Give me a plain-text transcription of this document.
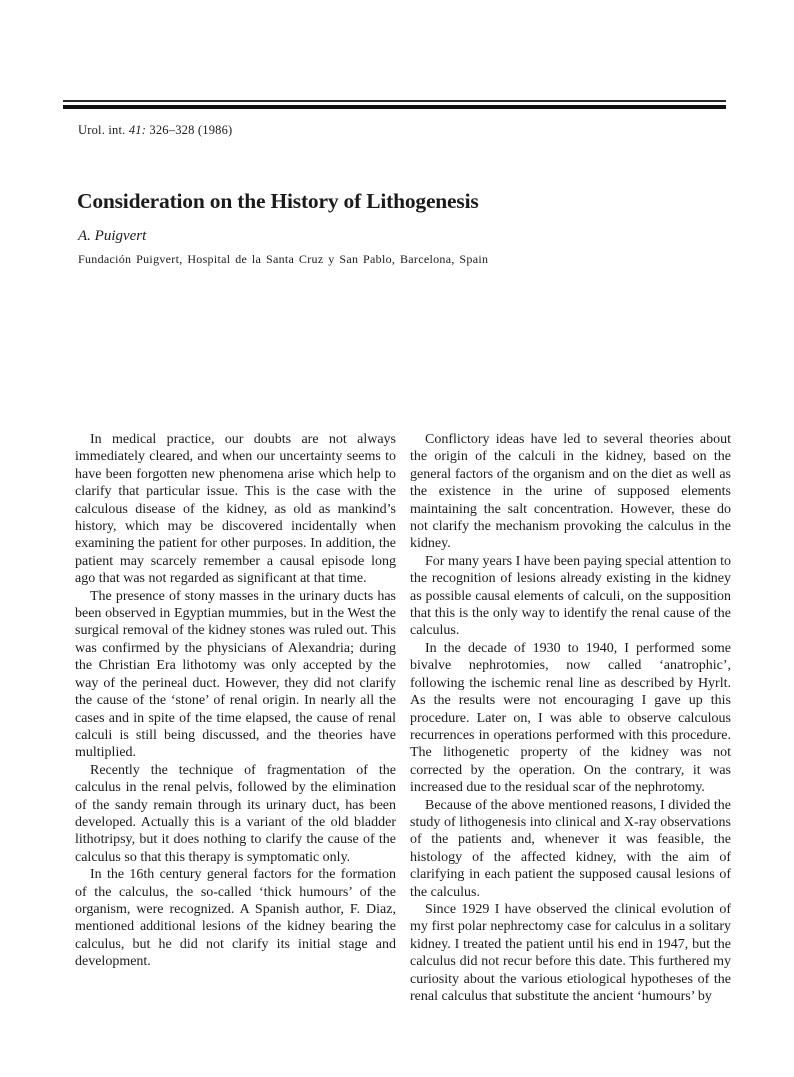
Urol. int. 41: 326–328 (1986)
Consideration on the History of Lithogenesis
A. Puigvert
Fundación Puigvert, Hospital de la Santa Cruz y San Pablo, Barcelona, Spain

In medical practice, our doubts are not always immediately cleared, and when our uncertainty seems to have been forgotten new phenomena arise which help to clarify that particular issue. This is the case with the calculous disease of the kidney, as old as mankind’s history, which may be discovered incidentally when examining the patient for other purposes. In addition, the patient may scarcely remember a causal episode long ago that was not regarded as significant at that time.

The presence of stony masses in the urinary ducts has been observed in Egyptian mummies, but in the West the surgical removal of the kidney stones was ruled out. This was confirmed by the physicians of Alexandria; during the Christian Era lithotomy was only accepted by the way of the perineal duct. However, they did not clarify the cause of the ‘stone’ of renal origin. In nearly all the cases and in spite of the time elapsed, the cause of renal calculi is still being discussed, and the theories have multiplied.

Recently the technique of fragmentation of the calculus in the renal pelvis, followed by the elimination of the sandy remain through its urinary duct, has been developed. Actually this is a variant of the old bladder lithotripsy, but it does nothing to clarify the cause of the calculus so that this therapy is symptomatic only.

In the 16th century general factors for the formation of the calculus, the so-called ‘thick humours’ of the organism, were recognized. A Spanish author, F. Diaz, mentioned additional lesions of the kidney bearing the calculus, but he did not clarify its initial stage and development.

Conflictory ideas have led to several theories about the origin of the calculi in the kidney, based on the general factors of the organism and on the diet as well as the existence in the urine of supposed elements maintaining the salt concentration. However, these do not clarify the mechanism provoking the calculus in the kidney.

For many years I have been paying special attention to the recognition of lesions already existing in the kidney as possible causal elements of calculi, on the supposition that this is the only way to identify the renal cause of the calculus.

In the decade of 1930 to 1940, I performed some bivalve nephrotomies, now called ‘anatrophic’, following the ischemic renal line as described by Hyrlt. As the results were not encouraging I gave up this procedure. Later on, I was able to observe calculous recurrences in operations performed with this procedure. The lithogenetic property of the kidney was not corrected by the operation. On the contrary, it was increased due to the residual scar of the nephrotomy.

Because of the above mentioned reasons, I divided the study of lithogenesis into clinical and X-ray observations of the patients and, whenever it was feasible, the histology of the affected kidney, with the aim of clarifying in each patient the supposed causal lesions of the calculus.

Since 1929 I have observed the clinical evolution of my first polar nephrectomy case for calculus in a solitary kidney. I treated the patient until his end in 1947, but the calculus did not recur before this date. This furthered my curiosity about the various etiological hypotheses of the renal calculus that substitute the ancient ‘humours’ by
